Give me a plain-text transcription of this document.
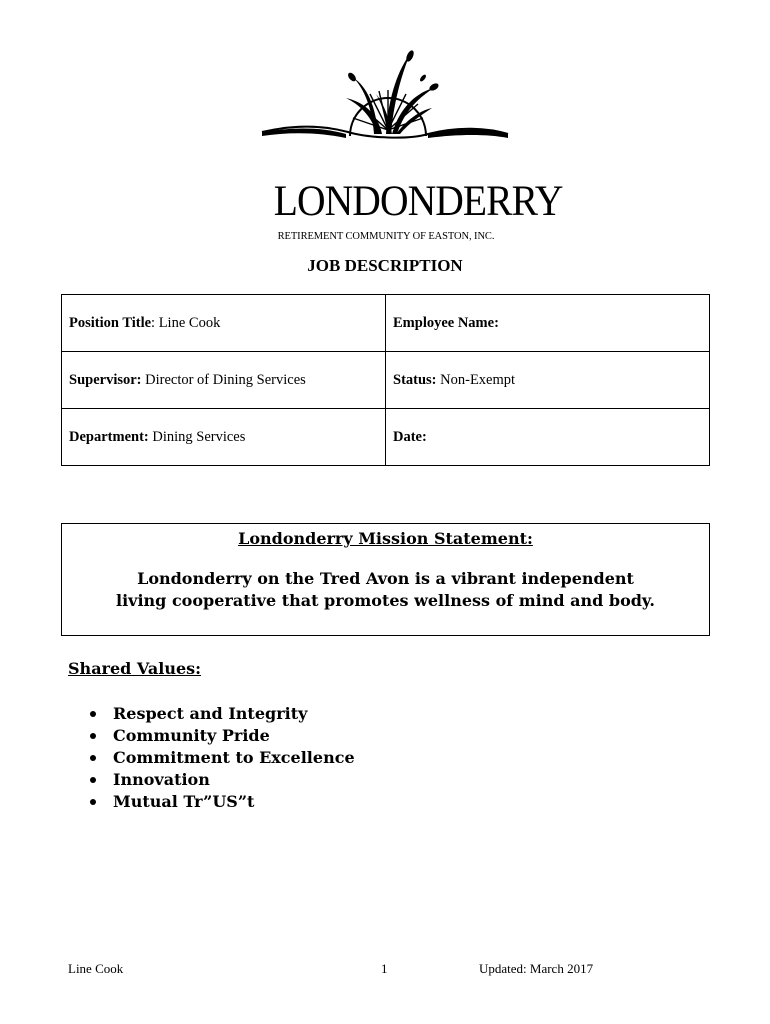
LONDONDERRY
RETIREMENT COMMUNITY OF EASTON, INC.
JOB DESCRIPTION
Position Title: Line Cook	Employee Name:
Supervisor: Director of Dining Services	Status: Non-Exempt
Department: Dining Services	Date:
Londonderry Mission Statement:
Londonderry on the Tred Avon is a vibrant independent
living cooperative that promotes wellness of mind and body.
Shared Values:
Respect and Integrity
Community Pride
Commitment to Excellence
Innovation
Mutual Tr”US”t
Line Cook	1	Updated: March 2017
